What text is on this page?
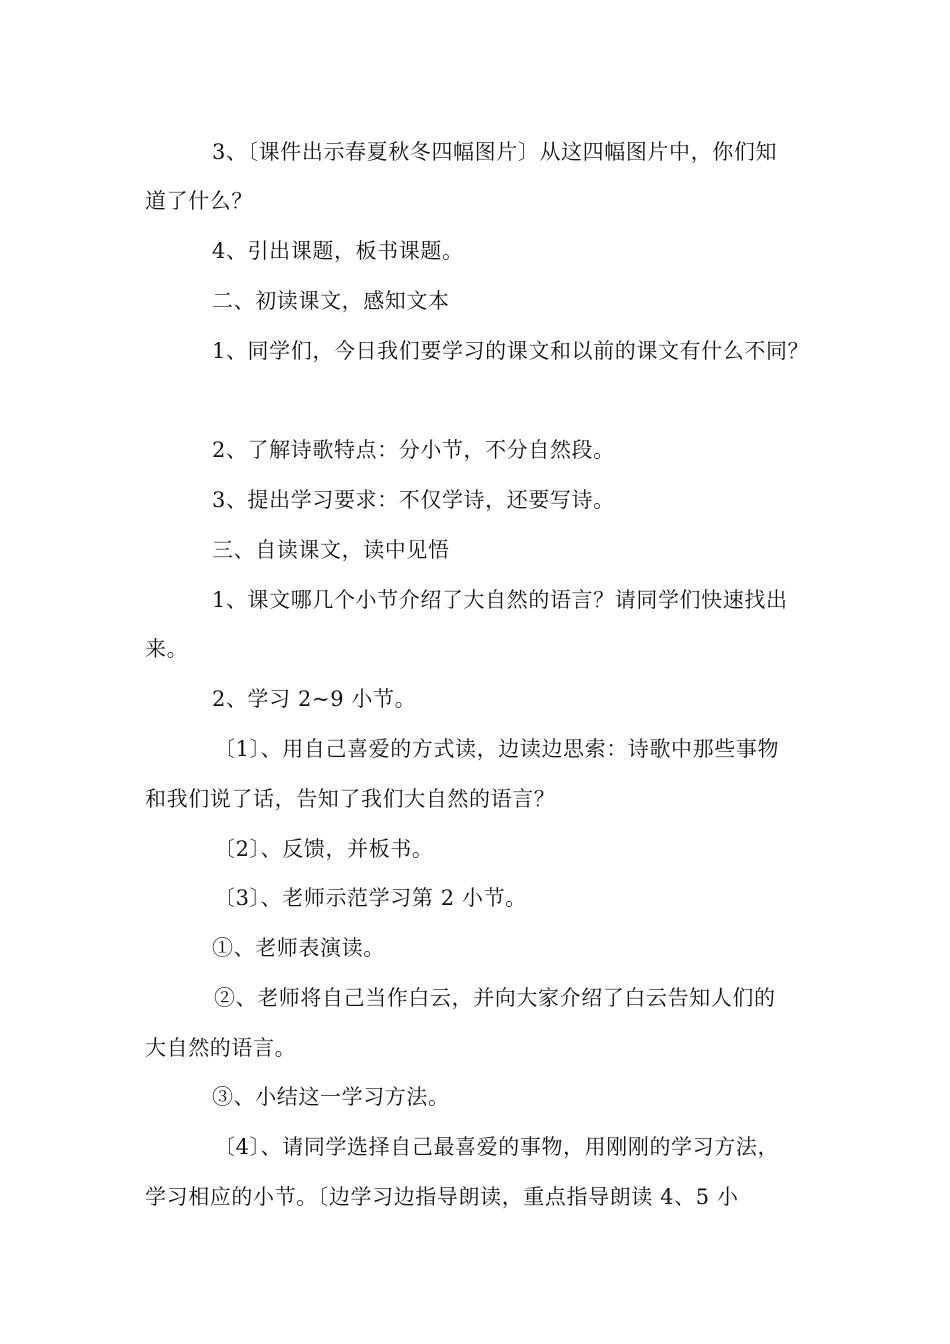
3、〔课件出示春夏秋冬四幅图片〕从这四幅图片中，你们知
道了什么？
4、引出课题，板书课题。
二、初读课文，感知文本
1、同学们，今日我们要学习的课文和以前的课文有什么不同？
2、了解诗歌特点：分小节，不分自然段。
3、提出学习要求：不仅学诗，还要写诗。
三、自读课文，读中见悟
1、课文哪几个小节介绍了大自然的语言？请同学们快速找出
来。
2、学习 2~9 小节。
〔1〕、用自己喜爱的方式读，边读边思索：诗歌中那些事物
和我们说了话，告知了我们大自然的语言？
〔2〕、反馈，并板书。
〔3〕、老师示范学习第 2 小节。
①、老师表演读。
②、老师将自己当作白云，并向大家介绍了白云告知人们的
大自然的语言。
③、小结这一学习方法。
〔4〕、请同学选择自己最喜爱的事物，用刚刚的学习方法，
学习相应的小节。〔边学习边指导朗读，重点指导朗读 4、5 小
